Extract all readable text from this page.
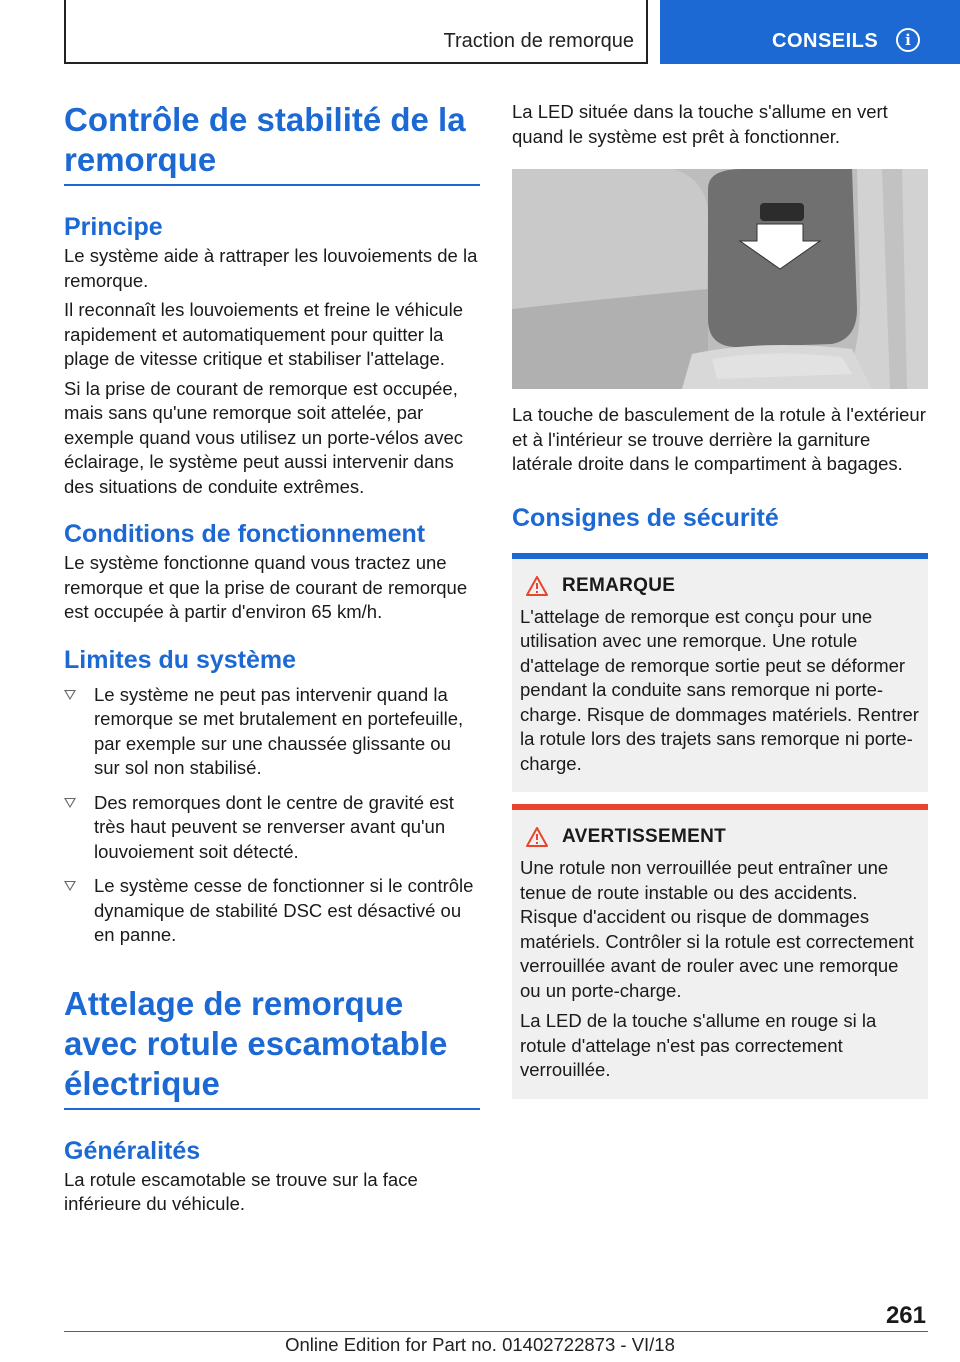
Traction de remorque	CONSEILS	i
Contrôle de stabilité de la remorque
Principe

Le système aide à rattraper les louvoiements de la remorque.

Il reconnaît les louvoiements et freine le véhicule rapidement et automatiquement pour quitter la plage de vitesse critique et stabiliser l'attelage.

Si la prise de courant de remorque est occupée, mais sans qu'une remorque soit attelée, par exemple quand vous utilisez un porte-vélos avec éclairage, le système peut aussi intervenir dans des situations de conduite extrêmes.

Conditions de fonctionnement

Le système fonctionne quand vous tractez une remorque et que la prise de courant de remorque est occupée à partir d'environ 65 km/h.

Limites du système
Le système ne peut pas intervenir quand la remorque se met brutalement en portefeuille, par exemple sur une chaussée glissante ou sur sol non stabilisé.
Des remorques dont le centre de gravité est très haut peuvent se renverser avant qu'un louvoiement soit détecté.
Le système cesse de fonctionner si le contrôle dynamique de stabilité DSC est désactivé ou en panne.
Attelage de remorque avec rotule escamotable électrique
Généralités

La rotule escamotable se trouve sur la face inférieure du véhicule.

La LED située dans la touche s'allume en vert quand le système est prêt à fonctionner.

La touche de basculement de la rotule à l'extérieur et à l'intérieur se trouve derrière la garniture latérale droite dans le compartiment à bagages.

Consignes de sécurité
REMARQUE

L'attelage de remorque est conçu pour une utilisation avec une remorque. Une rotule d'attelage de remorque sortie peut se déformer pendant la conduite sans remorque ni porte-charge. Risque de dommages matériels. Rentrer la rotule lors des trajets sans remorque ni porte-charge.

AVERTISSEMENT

Une rotule non verrouillée peut entraîner une tenue de route instable ou des accidents. Risque d'accident ou risque de dommages matériels. Contrôler si la rotule est correctement verrouillée avant de rouler avec une remorque ou un porte-charge.

La LED de la touche s'allume en rouge si la rotule d'attelage n'est pas correctement verrouillée.

261
Online Edition for Part no. 01402722873 - VI/18
